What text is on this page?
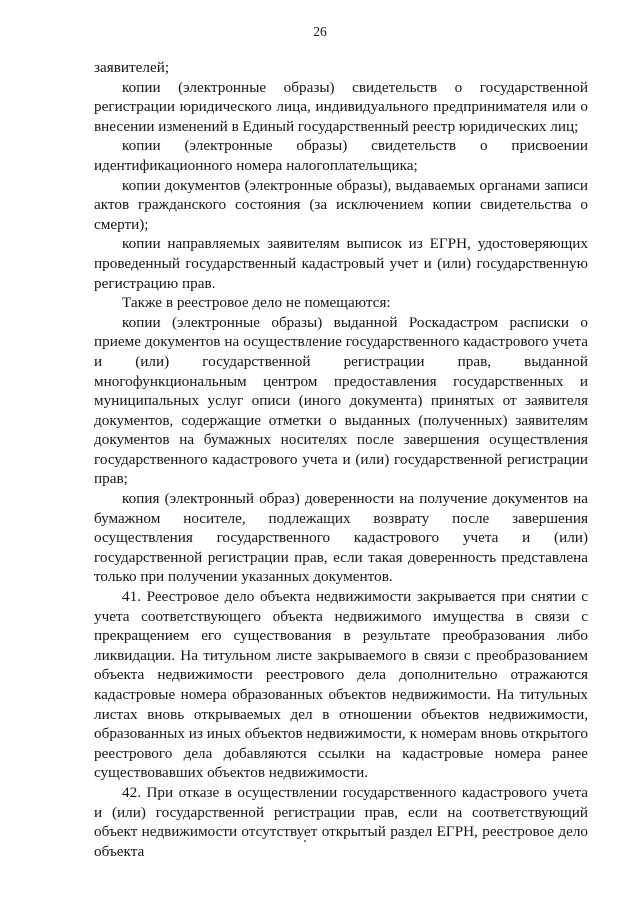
26

заявителей;

копии (электронные образы) свидетельств о государственной регистрации юридического лица, индивидуального предпринимателя или о внесении изменений в Единый государственный реестр юридических лиц;

копии (электронные образы) свидетельств о присвоении идентификационного номера налогоплательщика;

копии документов (электронные образы), выдаваемых органами записи актов гражданского состояния (за исключением копии свидетельства о смерти);

копии направляемых заявителям выписок из ЕГРН, удостоверяющих проведенный государственный кадастровый учет и (или) государственную регистрацию прав.

Также в реестровое дело не помещаются:

копии (электронные образы) выданной Роскадастром расписки о приеме документов на осуществление государственного кадастрового учета и (или) государственной регистрации прав, выданной многофункциональным центром предоставления государственных и муниципальных услуг описи (иного документа) принятых от заявителя документов, содержащие отметки о выданных (полученных) заявителям документов на бумажных носителях после завершения осуществления государственного кадастрового учета и (или) государственной регистрации прав;

копия (электронный образ) доверенности на получение документов на бумажном носителе, подлежащих возврату после завершения осуществления государственного кадастрового учета и (или) государственной регистрации прав, если такая доверенность представлена только при получении указанных документов.

41. Реестровое дело объекта недвижимости закрывается при снятии с учета соответствующего объекта недвижимого имущества в связи с прекращением его существования в результате преобразования либо ликвидации. На титульном листе закрываемого в связи с преобразованием объекта недвижимости реестрового дела дополнительно отражаются кадастровые номера образованных объектов недвижимости. На титульных листах вновь открываемых дел в отношении объектов недвижимости, образованных из иных объектов недвижимости, к номерам вновь открытого реестрового дела добавляются ссылки на кадастровые номера ранее существовавших объектов недвижимости.

42. При отказе в осуществлении государственного кадастрового учета и (или) государственной регистрации прав, если на соответствующий объект недвижимости отсутствует открытый раздел ЕГРН, реестровое дело объекта
